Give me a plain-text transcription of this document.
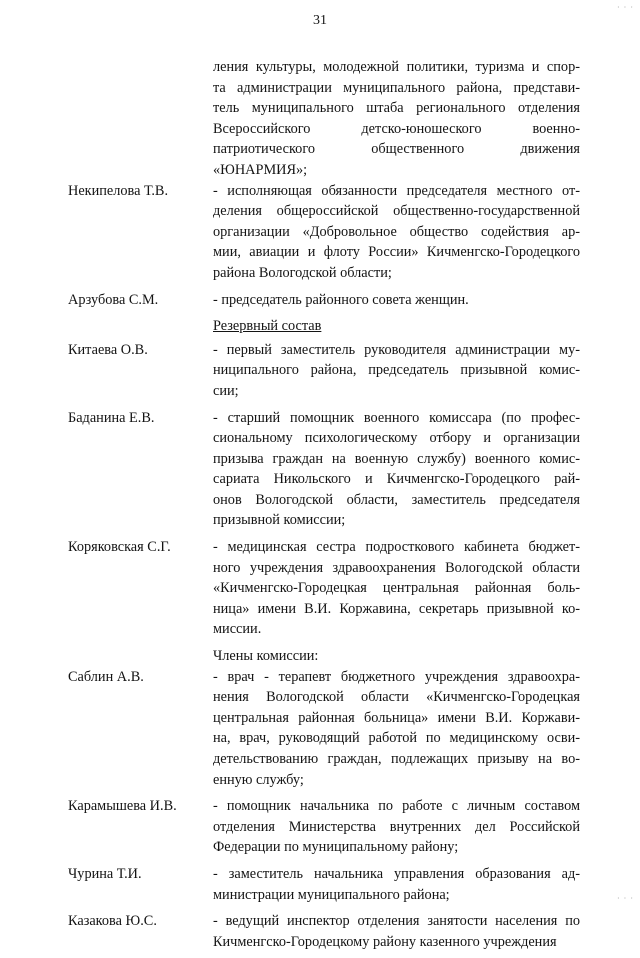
31
ления культуры, молодежной политики, туризма и спор-
та администрации муниципального района, представи-
тель муниципального штаба регионального отделения
Всероссийского детско-юношеского военно-
патриотического общественного движения
«ЮНАРМИЯ»;
Некипелова Т.В.	- исполняющая обязанности председателя местного от-
деления общероссийской общественно-государственной
организации «Добровольное общество содействия ар-
мии, авиации и флоту России» Кичменгско-Городецкого
района Вологодской области;
Арзубова С.М.	- председатель районного совета женщин.
Резервный состав
Китаева О.В.	- первый заместитель руководителя администрации му-
ниципального района, председатель призывной комис-
сии;
Баданина Е.В.	- старший помощник военного комиссара (по профес-
сиональному психологическому отбору и организации
призыва граждан на военную службу) военного комис-
сариата Никольского и Кичменгско-Городецкого рай-
онов Вологодской области, заместитель председателя
призывной комиссии;
Коряковская С.Г.	- медицинская сестра подросткового кабинета бюджет-
ного учреждения здравоохранения Вологодской области
«Кичменгско-Городецкая центральная районная боль-
ница» имени В.И. Коржавина, секретарь призывной ко-
миссии.
Члены комиссии:
Саблин А.В.	- врач - терапевт бюджетного учреждения здравоохра-
нения Вологодской области «Кичменгско-Городецкая
центральная районная больница» имени В.И. Коржави-
на, врач, руководящий работой по медицинскому осви-
детельствованию граждан, подлежащих призыву на во-
енную службу;
Карамышева И.В.	- помощник начальника по работе с личным составом
отделения Министерства внутренних дел Российской
Федерации по муниципальному району;
Чурина Т.И.	- заместитель начальника управления образования ад-
министрации муниципального района;
Казакова Ю.С.	- ведущий инспектор отделения занятости населения по
Кичменгско-Городецкому району казенного учреждения
· · ·
· · ·
